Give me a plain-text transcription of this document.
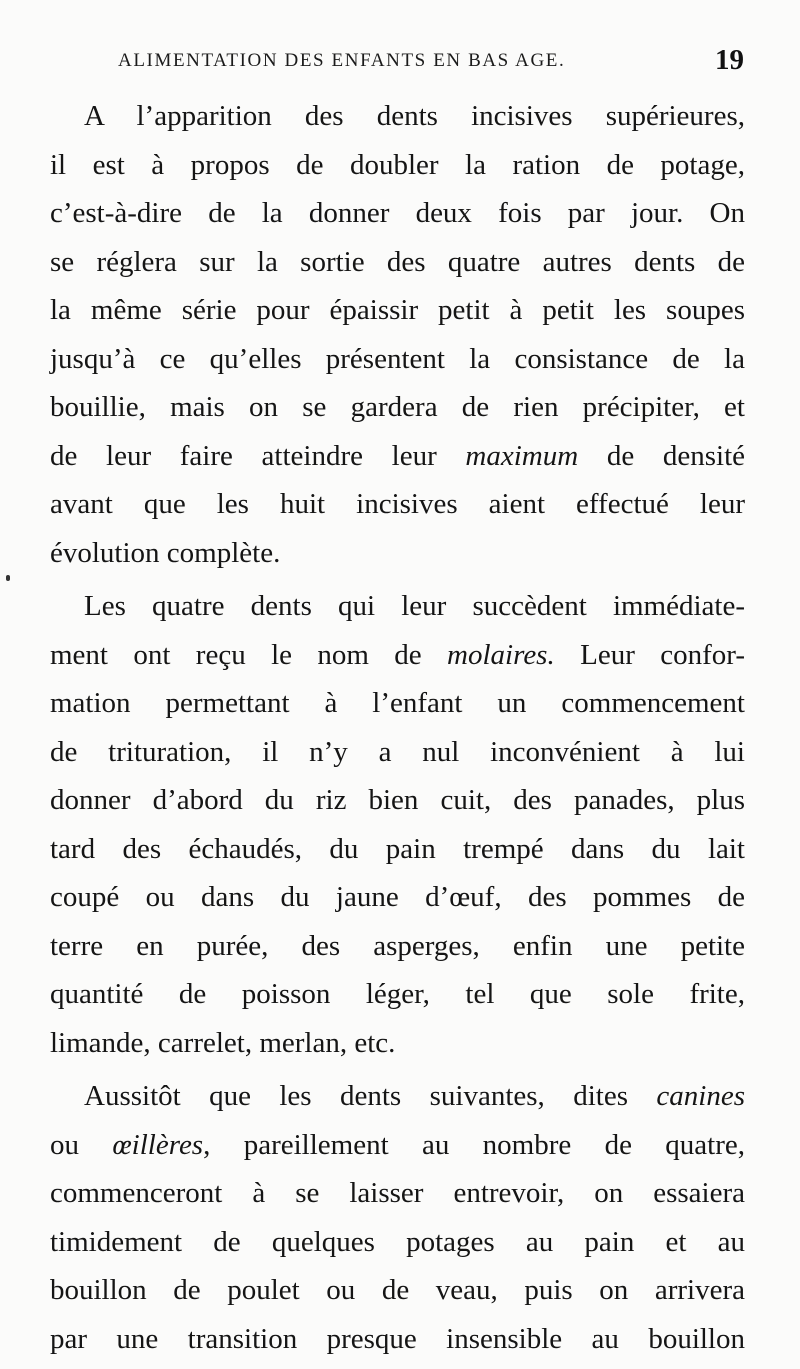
ALIMENTATION DES ENFANTS EN BAS AGE.	19
A l’apparition des dents incisives supérieures,
il est à propos de doubler la ration de potage,
c’est-à-dire de la donner deux fois par jour. On
se réglera sur la sortie des quatre autres dents de
la même série pour épaissir petit à petit les soupes
jusqu’à ce qu’elles présentent la consistance de la
bouillie, mais on se gardera de rien précipiter, et
de leur faire atteindre leur maximum de densité
avant que les huit incisives aient effectué leur
évolution complète.
Les quatre dents qui leur succèdent immédiate-
ment ont reçu le nom de molaires. Leur confor-
mation permettant à l’enfant un commencement
de trituration, il n’y a nul inconvénient à lui
donner d’abord du riz bien cuit, des panades, plus
tard des échaudés, du pain trempé dans du lait
coupé ou dans du jaune d’œuf, des pommes de
terre en purée, des asperges, enfin une petite
quantité de poisson léger, tel que sole frite,
limande, carrelet, merlan, etc.
Aussitôt que les dents suivantes, dites canines
ou œillères, pareillement au nombre de quatre,
commenceront à se laisser entrevoir, on essaiera
timidement de quelques potages au pain et au
bouillon de poulet ou de veau, puis on arrivera
par une transition presque insensible au bouillon
